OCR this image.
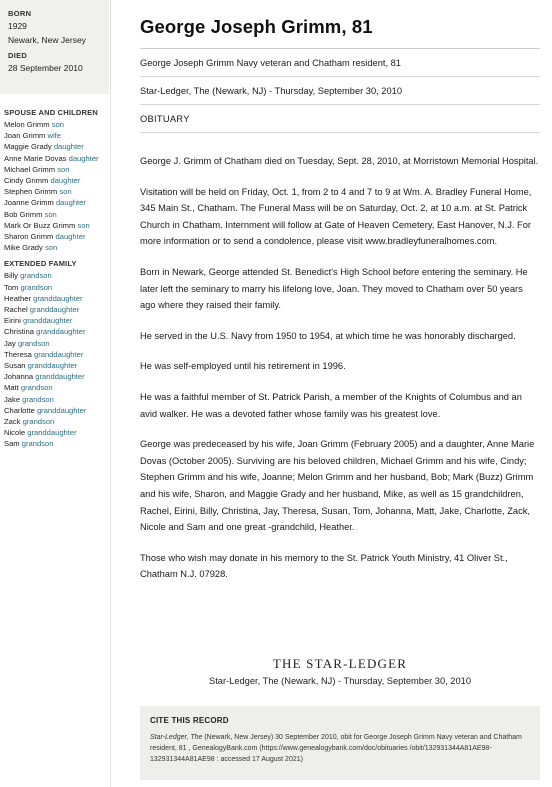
BORN
1929
Newark, New Jersey
DIED
28 September 2010
SPOUSE AND CHILDREN
Melon Grimm son
Joan Grimm wife
Maggie Grady daughter
Anne Marie Dovas daughter
Michael Grimm son
Cindy Grimm daughter
Stephen Grimm son
Joanne Grimm daughter
Bob Grimm son
Mark Or Buzz Grimm son
Sharon Grimm daughter
Mike Grady son
EXTENDED FAMILY
Billy grandson
Tom grandson
Heather granddaughter
Rachel granddaughter
Eirini granddaughter
Christina granddaughter
Jay grandson
Theresa granddaughter
Susan granddaughter
Johanna granddaughter
Matt grandson
Jake grandson
Charlotte granddaughter
Zack grandson
Nicole granddaughter
Sam grandson
George Joseph Grimm, 81
George Joseph Grimm Navy veteran and Chatham resident, 81
Star-Ledger, The (Newark, NJ) - Thursday, September 30, 2010
OBITUARY
George J. Grimm of Chatham died on Tuesday, Sept. 28, 2010, at Morristown Memorial Hospital.
Visitation will be held on Friday, Oct. 1, from 2 to 4 and 7 to 9 at Wm. A. Bradley Funeral Home, 345 Main St., Chatham. The Funeral Mass will be on Saturday, Oct. 2, at 10 a.m. at St. Patrick Church in Chatham. Internment will follow at Gate of Heaven Cemetery, East Hanover, N.J. For more information or to send a condolence, please visit www.bradleyfuneralhomes.com.
Born in Newark, George attended St. Benedict's High School before entering the seminary. He later left the seminary to marry his lifelong love, Joan. They moved to Chatham over 50 years ago where they raised their family.
He served in the U.S. Navy from 1950 to 1954, at which time he was honorably discharged.
He was self-employed until his retirement in 1996.
He was a faithful member of St. Patrick Parish, a member of the Knights of Columbus and an avid walker. He was a devoted father whose family was his greatest love.
George was predeceased by his wife, Joan Grimm (February 2005) and a daughter, Anne Marie Dovas (October 2005). Surviving are his beloved children, Michael Grimm and his wife, Cindy; Stephen Grimm and his wife, Joanne; Melon Grimm and her husband, Bob; Mark (Buzz) Grimm and his wife, Sharon, and Maggie Grady and her husband, Mike, as well as 15 grandchildren, Rachel, Eirini, Billy, Christina, Jay, Theresa, Susan, Tom, Johanna, Matt, Jake, Charlotte, Zack, Nicole and Sam and one great -grandchild, Heather.
Those who wish may donate in his memory to the St. Patrick Youth Ministry, 41 Oliver St., Chatham N.J. 07928.
THE STAR-LEDGER
Star-Ledger, The (Newark, NJ) - Thursday, September 30, 2010
CITE THIS RECORD
Star-Ledger, The (Newark, New Jersey) 30 September 2010, obit for George Joseph Grimm Navy veteran and Chatham resident, 81 , GenealogyBank.com (https://www.genealogybank.com/doc/obituaries /obit/132931344A81AE98-132931344A81AE98 : accessed 17 August 2021)
